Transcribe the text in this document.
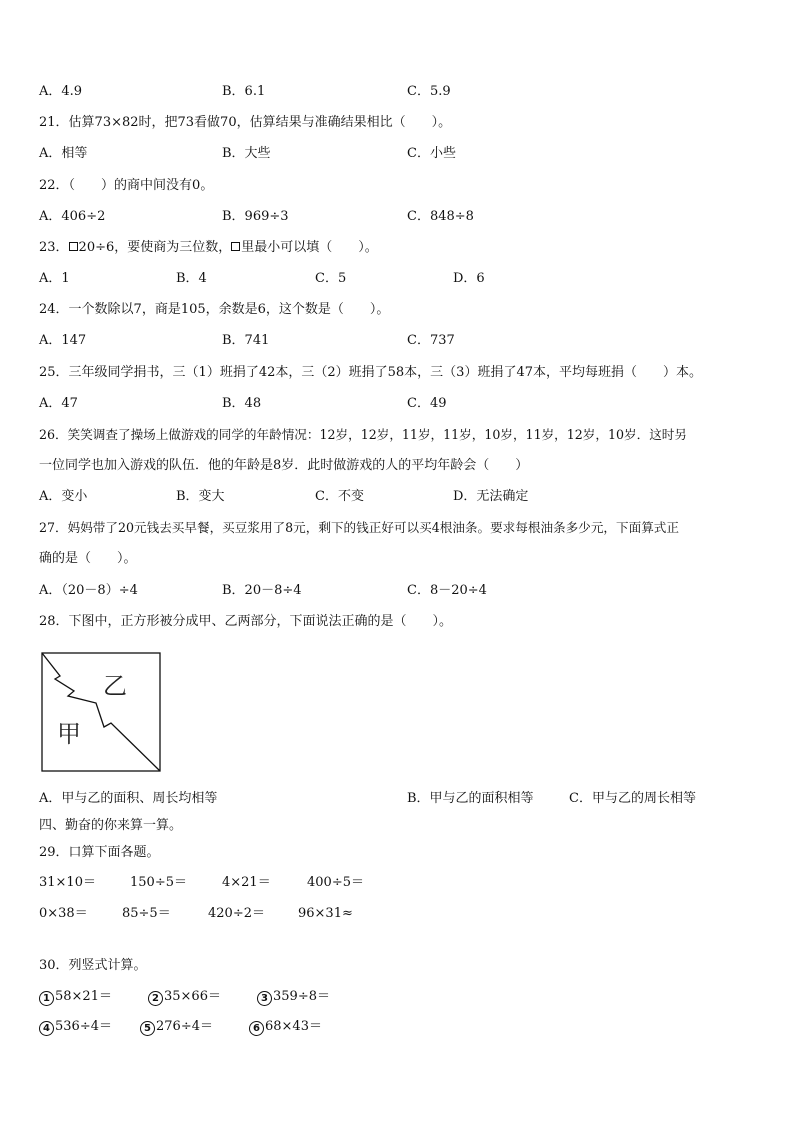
A．4.9	B．6.1	C．5.9
21．估算73×82时，把73看做70，估算结果与准确结果相比（　　）。
A．相等	B．大些	C．小些
22．（　　）的商中间没有0。
A．406÷2	B．969÷3	C．848÷8
23． 20÷6，要使商为三位数， 里最小可以填（　　）。
A．1	B．4	C．5	D．6
24．一个数除以7，商是105，余数是6，这个数是（　　）。
A．147	B．741	C．737
25．三年级同学捐书，三（1）班捐了42本，三（2）班捐了58本，三（3）班捐了47本，平均每班捐（　　）本。
A．47	B．48	C．49
26．笑笑调查了操场上做游戏的同学的年龄情况：12岁，12岁，11岁，11岁，10岁，11岁，12岁，10岁．这时另
一位同学也加入游戏的队伍．他的年龄是8岁．此时做游戏的人的平均年龄会（　　）
A．变小	B．变大	C．不变	D．无法确定
27．妈妈带了20元钱去买早餐，买豆浆用了8元，剩下的钱正好可以买4根油条。要求每根油条多少元，下面算式正
确的是（　　）。
A．（20－8）÷4	B．20－8÷4	C．8－20÷4
28．下图中，正方形被分成甲、乙两部分，下面说法正确的是（　　）。
乙
甲
A．甲与乙的面积、周长均相等	B．甲与乙的面积相等	C．甲与乙的周长相等
四、勤奋的你来算一算。
29．口算下面各题。
31×10＝	150÷5＝	4×21＝	400÷5＝
0×38＝	85÷5＝	420÷2＝	96×31≈
30．列竖式计算。
1 58×21＝	2 35×66＝	3 359÷8＝
4 536÷4＝	5 276÷4＝	6 68×43＝
